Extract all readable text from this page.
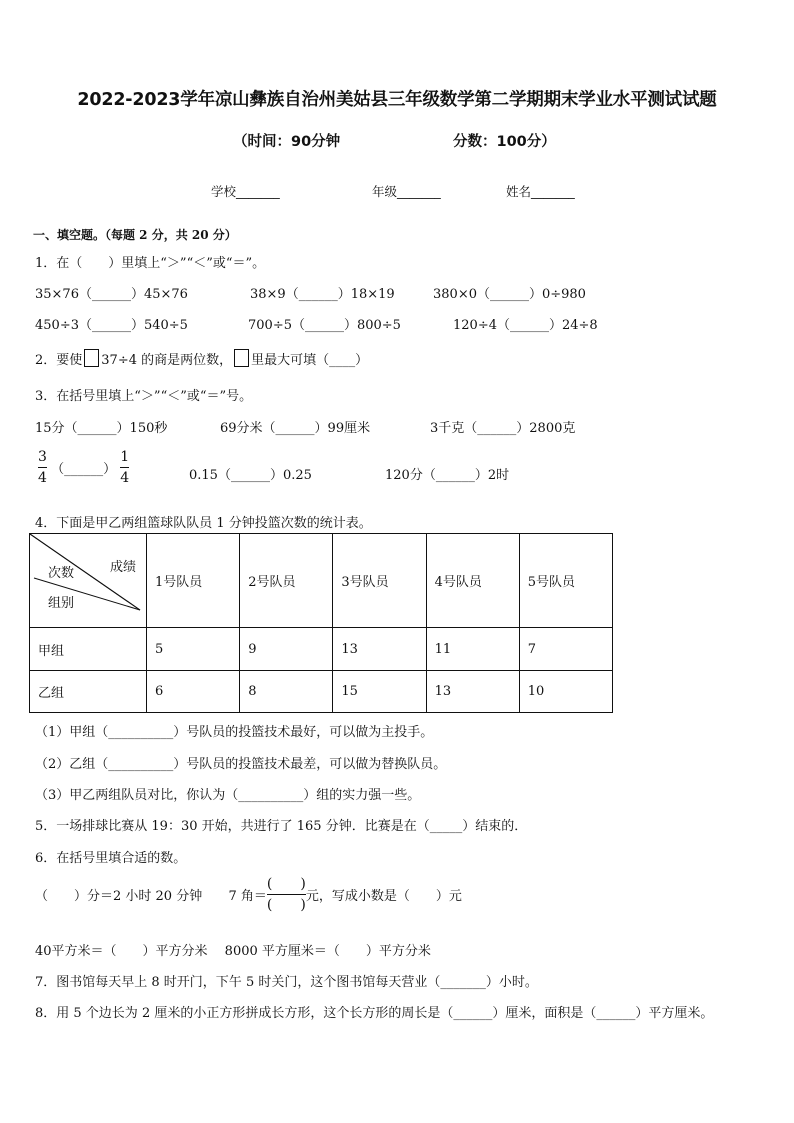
2022-2023学年凉山彝族自治州美姑县三年级数学第二学期期末学业水平测试试题
（时间：90分钟	分数：100分）
学校_______	年级_______	姓名_______
一、填空题。（每题 2 分，共 20 分）
1．在（　　）里填上“＞”“＜”或“＝”。
35×76（______）45×76	38×9（______）18×19	380×0（______）0÷980
450÷3（______）540÷5	700÷5（______）800÷5	120÷4（______）24÷8
2．要使 37÷4 的商是两位数， 里最大可填（____）
3．在括号里填上“＞”“＜”或“＝”号。
15分（______）150秒	69分米（______）99厘米	3千克（______）2800克
$\frac{3}{4}$ （______） $\frac{1}{4}$	0.15（______）0.25	120分（______）2时
4．下面是甲乙两组篮球队队员 1 分钟投篮次数的统计表。
成绩
次数
组别	1号队员	2号队员	3号队员	4号队员	5号队员
甲组	5	9	13	11	7
乙组	6	8	15	13	10
（1）甲组（__________）号队员的投篮技术最好，可以做为主投手。
（2）乙组（__________）号队员的投篮技术最差，可以做为替换队员。
（3）甲乙两组队员对比，你认为（__________）组的实力强一些。
5．一场排球比赛从 19：30 开始，共进行了 165 分钟．比赛是在（_____）结束的．
6．在括号里填合适的数。
（　　）分＝2 小时 20 分钟 7 角＝ $\frac{( )}{( )}$ 元，写成小数是（　　）元
40平方米＝（　　）平方分米　 8000 平方厘米＝（　　）平方分米
7．图书馆每天早上 8 时开门，下午 5 时关门，这个图书馆每天营业（_______）小时。
8．用 5 个边长为 2 厘米的小正方形拼成长方形，这个长方形的周长是（______）厘米，面积是（______）平方厘米。
